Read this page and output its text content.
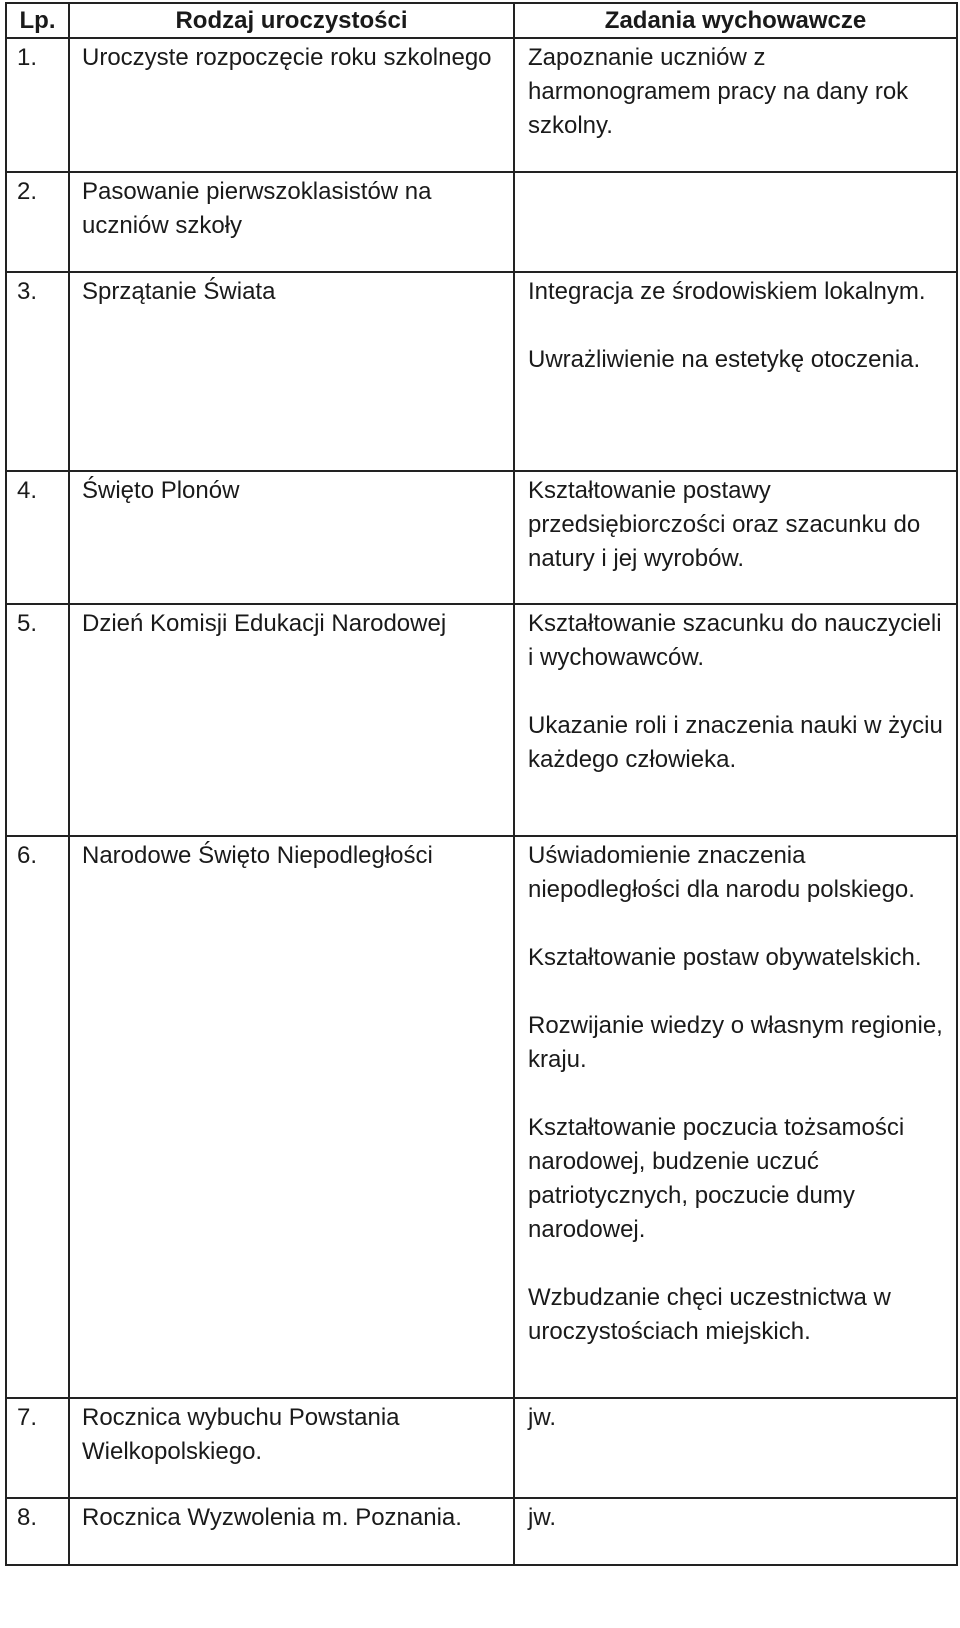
Lp.	Rodzaj uroczystości	Zadania wychowawcze
1.	Uroczyste rozpoczęcie roku szkolnego	Zapoznanie uczniów z harmonogramem pracy na dany rok szkolny.

2.	Pasowanie pierwszoklasistów na uczniów szkoły	
3.	Sprzątanie Świata	Integracja ze środowiskiem lokalnym.
Uwrażliwienie na estetykę otoczenia.

4.	Święto Plonów	Kształtowanie postawy przedsiębiorczości oraz szacunku do natury i jej wyrobów.

5.	Dzień Komisji Edukacji Narodowej	Kształtowanie szacunku do nauczycieli i wychowawców.
Ukazanie roli i znaczenia nauki w życiu każdego człowieka.

6.	Narodowe Święto Niepodległości	Uświadomienie znaczenia niepodległości dla narodu polskiego.
Kształtowanie postaw obywatelskich.
Rozwijanie wiedzy o własnym regionie, kraju.
Kształtowanie poczucia tożsamości narodowej, budzenie uczuć patriotycznych, poczucie dumy narodowej.
Wzbudzanie chęci uczestnictwa w uroczystościach miejskich.

7.	Rocznica wybuchu Powstania Wielkopolskiego.	jw.

8.	Rocznica Wyzwolenia m. Poznania.	jw.
